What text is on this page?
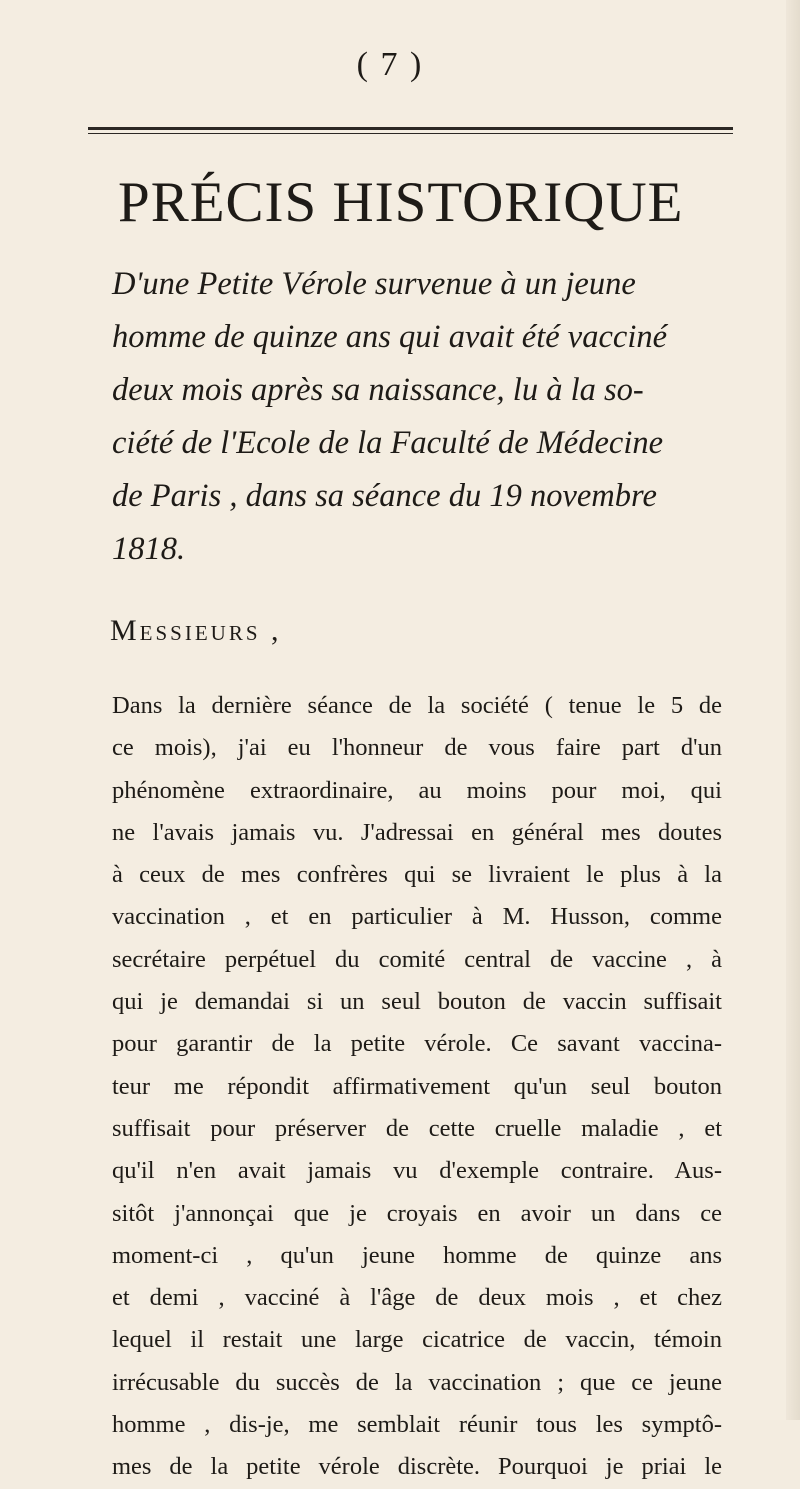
( 7 )
PRÉCIS HISTORIQUE
D'une Petite Vérole survenue à un jeune
homme de quinze ans qui avait été vacciné
deux mois après sa naissance, lu à la so-
ciété de l'Ecole de la Faculté de Médecine
de Paris , dans sa séance du 19 novembre
1818.
Messieurs ,
Dans la dernière séance de la société ( tenue le 5 de
ce mois), j'ai eu l'honneur de vous faire part d'un
phénomène extraordinaire, au moins pour moi, qui
ne l'avais jamais vu. J'adressai en général mes doutes
à ceux de mes confrères qui se livraient le plus à la
vaccination , et en particulier à M. Husson, comme
secrétaire perpétuel du comité central de vaccine , à
qui je demandai si un seul bouton de vaccin suffisait
pour garantir de la petite vérole. Ce savant vaccina-
teur me répondit affirmativement qu'un seul bouton
suffisait pour préserver de cette cruelle maladie , et
qu'il n'en avait jamais vu d'exemple contraire. Aus-
sitôt j'annonçai que je croyais en avoir un dans ce
moment-ci , qu'un jeune homme de quinze ans
et demi , vacciné à l'âge de deux mois , et chez
lequel il restait une large cicatrice de vaccin, témoin
irrécusable du succès de la vaccination ; que ce jeune
homme , dis-je, me semblait réunir tous les symptô-
mes de la petite vérole discrète. Pourquoi je priai le
